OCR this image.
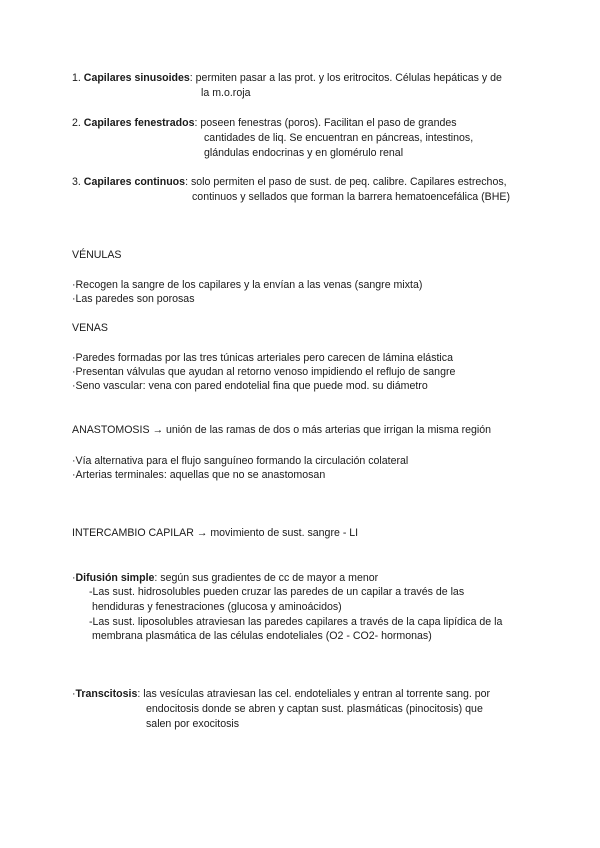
1. Capilares sinusoides: permiten pasar a las prot. y los eritrocitos. Células hepáticas y de
la m.o.roja
2. Capilares fenestrados: poseen fenestras (poros). Facilitan el paso de grandes
cantidades de liq. Se encuentran en páncreas, intestinos,
glándulas endocrinas y en glomérulo renal
3. Capilares continuos: solo permiten el paso de sust. de peq. calibre. Capilares estrechos,
continuos y sellados que forman la barrera hematoencefálica (BHE)
VÉNULAS
·Recogen la sangre de los capilares y la envían a las venas (sangre mixta)
·Las paredes son porosas
VENAS
·Paredes formadas por las tres túnicas arteriales pero carecen de lámina elástica
·Presentan válvulas que ayudan al retorno venoso impidiendo el reflujo de sangre
·Seno vascular: vena con pared endotelial fina que puede mod. su diámetro
ANASTOMOSIS → unión de las ramas de dos o más arterias que irrigan la misma región
·Vía alternativa para el flujo sanguíneo formando la circulación colateral
·Arterias terminales: aquellas que no se anastomosan
INTERCAMBIO CAPILAR → movimiento de sust. sangre - LI
·Difusión simple: según sus gradientes de cc de mayor a menor
-Las sust. hidrosolubles pueden cruzar las paredes de un capilar a través de las
hendiduras y fenestraciones (glucosa y aminoácidos)
-Las sust. liposolubles atraviesan las paredes capilares a través de la capa lipídica de la
membrana plasmática de las células endoteliales (O2 - CO2- hormonas)
·Transcitosis: las vesículas atraviesan las cel. endoteliales y entran al torrente sang. por
endocitosis donde se abren y captan sust. plasmáticas (pinocitosis) que
salen por exocitosis
